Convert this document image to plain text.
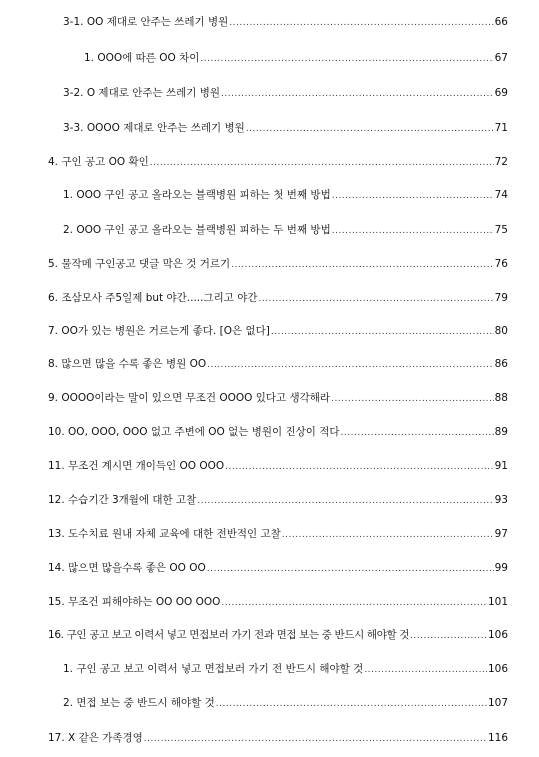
3-1. OO 제대로 안주는 쓰레기 병원 .....	66
1. OOO에 따른 OO 차이 .....	67
3-2. O 제대로 안주는 쓰레기 병원 .....	69
3-3. OOOO 제대로 안주는 쓰레기 병원 .....	71
4. 구인 공고 OO 확인 .....	72
1. OOO 구인 공고 올라오는 블랙병원 피하는 첫 번째 방법 .....	74
2. OOO 구인 공고 올라오는 블랙병원 피하는 두 번째 방법 .....	75
5. 물작메 구인공고 댓글 막은 것 거르기 .....	76
6. 조삼모사 주5일제 but 야간.....그리고 야간 .....	79
7. OO가 있는 병원은 거르는게 좋다. [O은 없다] .....	80
8. 많으면 많을 수록 좋은 병원 OO .....	86
9. OOOO이라는 말이 있으면 무조건 OOOO 있다고 생각해라 .....	88
10. OO, OOO, OOO 없고 주변에 OO 없는 병원이 진상이 적다 .....	89
11. 무조건 계시면 개이득인 OO OOO .....	91
12. 수습기간 3개월에 대한 고찰 .....	93
13. 도수치료 원내 자체 교육에 대한 전반적인 고찰 .....	97
14. 많으면 많을수록 좋은 OO OO .....	99
15. 무조건 피해야하는 OO OO OOO .....	101
16. 구인 공고 보고 이력서 넣고 면접보러 가기 전과 면접 보는 중 반드시 해야할 것 .....	106
1. 구인 공고 보고 이력서 넣고 면접보러 가기 전 반드시 해야할 것 .....	106
2. 면접 보는 중 반드시 해야할 것 .....	107
17. X 같은 가족경영 .....	116
